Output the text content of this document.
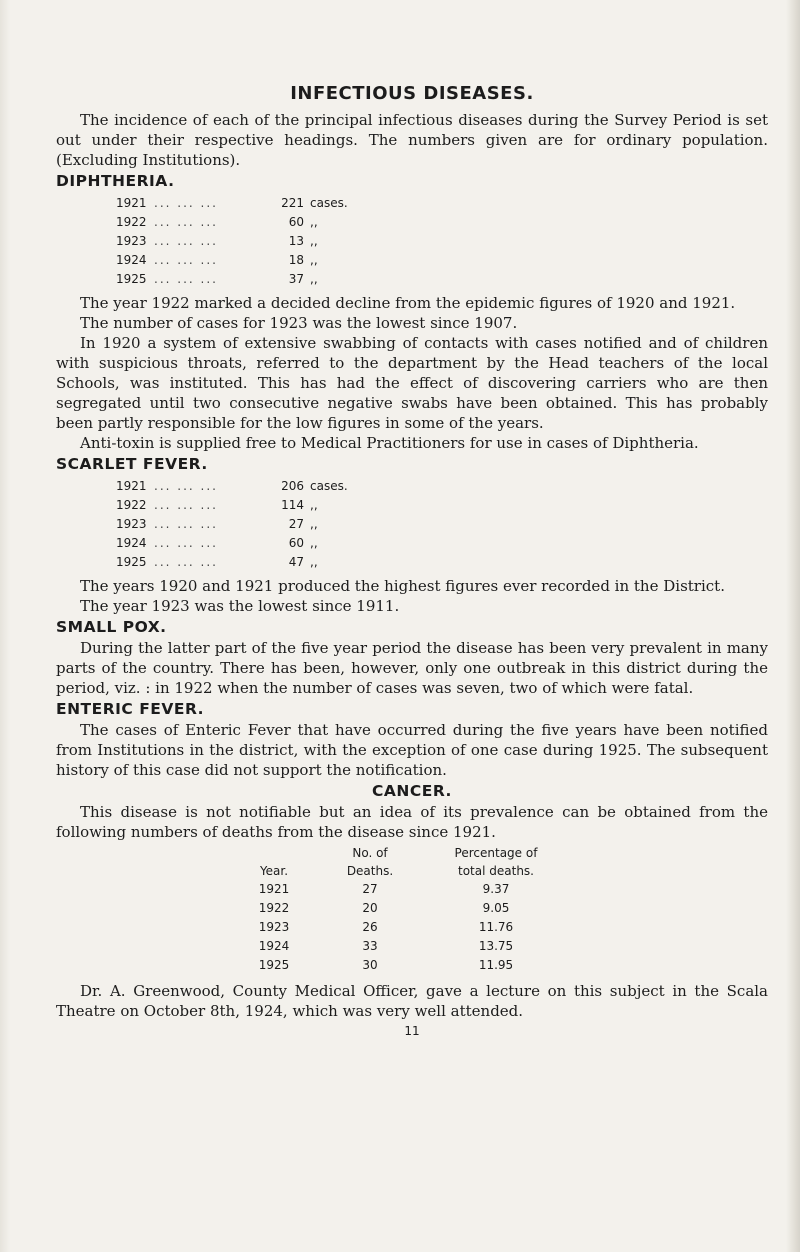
INFECTIOUS DISEASES.

The incidence of each of the principal infectious diseases during the Survey Period is set out under their respective headings. The numbers given are for ordinary population. (Excluding Institutions).

DIPHTHERIA.
1921	... ... ...	221	cases.
1922	... ... ...	60	,,
1923	... ... ...	13	,,
1924	... ... ...	18	,,
1925	... ... ...	37	,,

The year 1922 marked a decided decline from the epidemic figures of 1920 and 1921.

The number of cases for 1923 was the lowest since 1907.

In 1920 a system of extensive swabbing of contacts with cases notified and of children with suspicious throats, referred to the department by the Head teachers of the local Schools, was instituted. This has had the effect of discovering carriers who are then segregated until two consecutive negative swabs have been obtained. This has probably been partly responsible for the low figures in some of the years.

Anti-toxin is supplied free to Medical Practitioners for use in cases of Diphtheria.

SCARLET FEVER.
1921	... ... ...	206	cases.
1922	... ... ...	114	,,
1923	... ... ...	27	,,
1924	... ... ...	60	,,
1925	... ... ...	47	,,

The years 1920 and 1921 produced the highest figures ever recorded in the District.

The year 1923 was the lowest since 1911.

SMALL POX.

During the latter part of the five year period the disease has been very prevalent in many parts of the country. There has been, however, only one outbreak in this district during the period, viz. : in 1922 when the number of cases was seven, two of which were fatal.

ENTERIC FEVER.

The cases of Enteric Fever that have occurred during the five years have been notified from Institutions in the district, with the exception of one case during 1925. The subsequent history of this case did not support the notification.

CANCER.

This disease is not notifiable but an idea of its prevalence can be obtained from the following numbers of deaths from the disease since 1921.

	No. of	Percentage of
Year.	Deaths.	total deaths.
1921	27	9.37
1922	20	9.05
1923	26	11.76
1924	33	13.75
1925	30	11.95

Dr. A. Greenwood, County Medical Officer, gave a lecture on this subject in the Scala Theatre on October 8th, 1924, which was very well attended.

11
